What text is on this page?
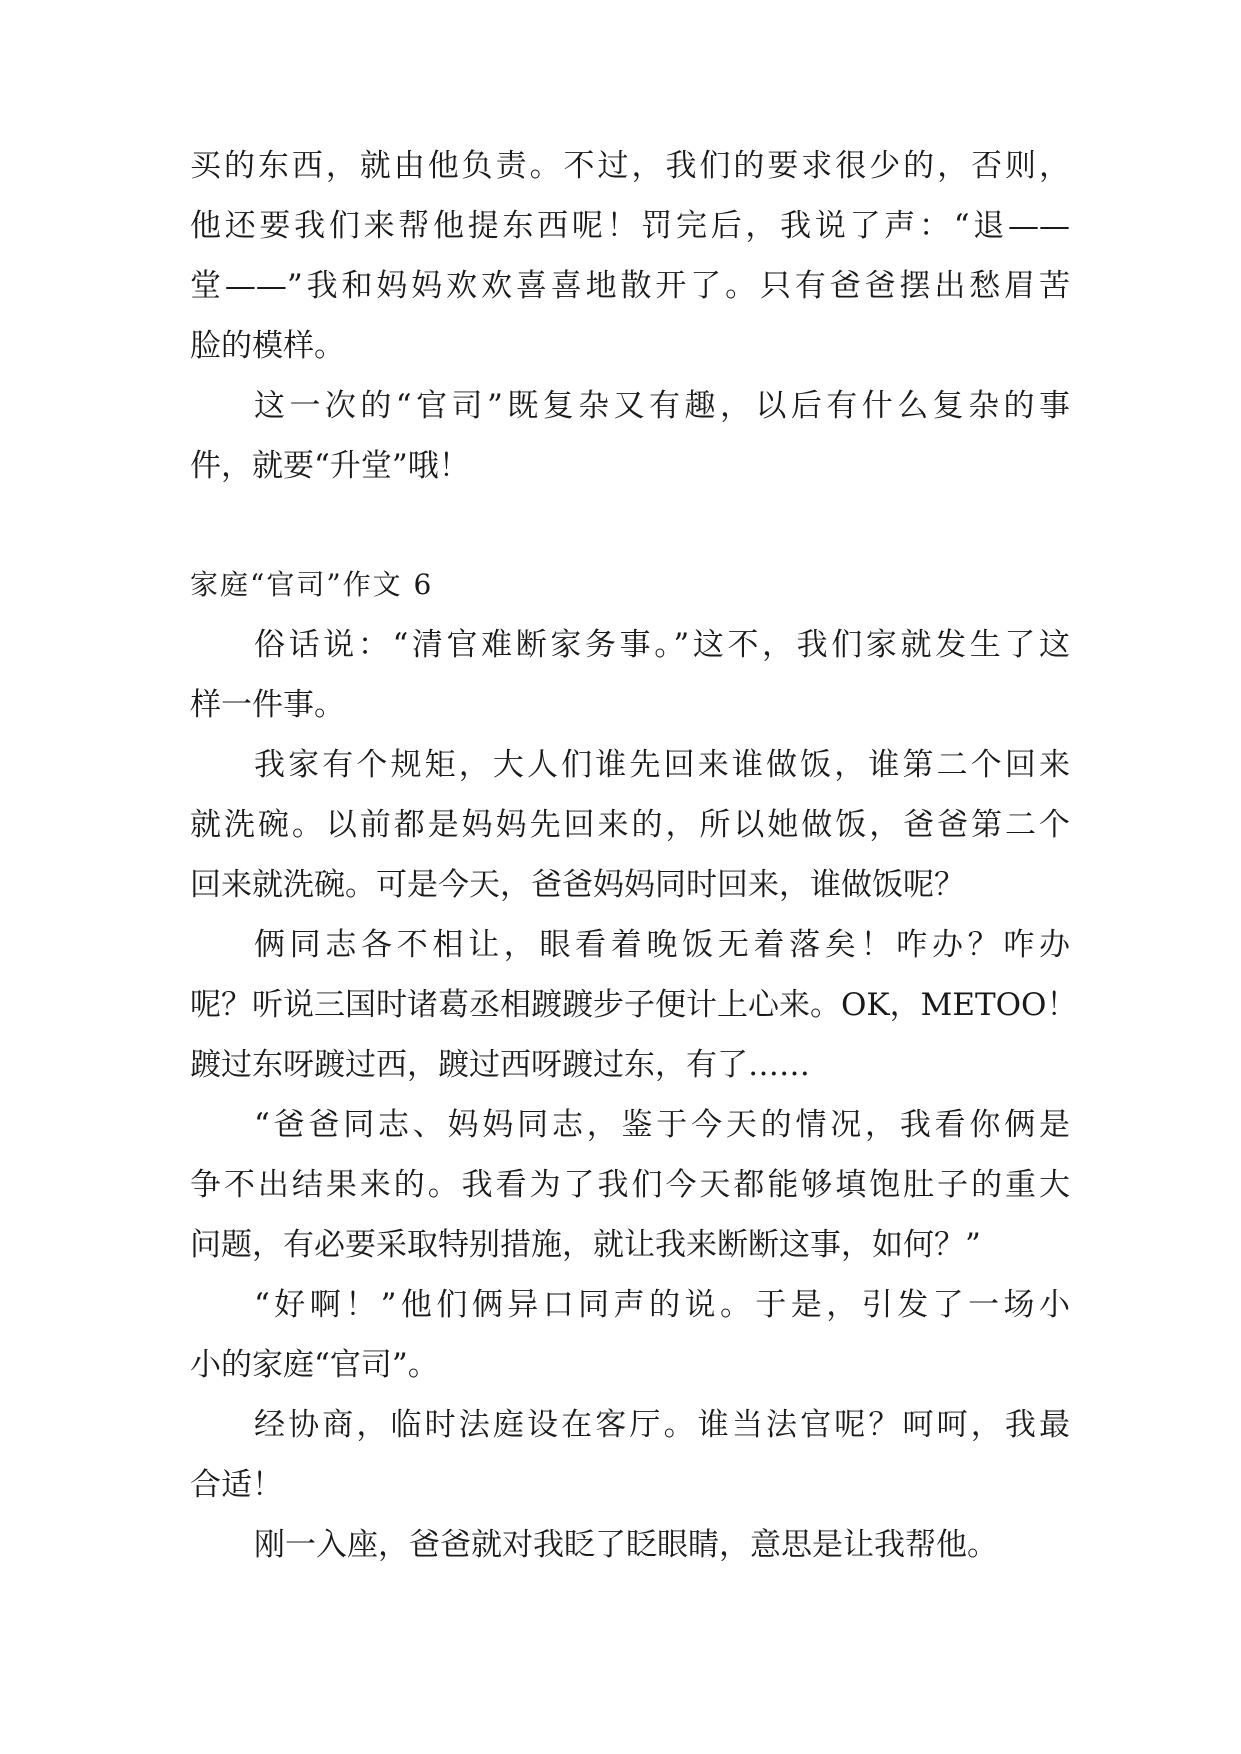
买的东西，就由他负责。不过，我们的要求很少的，否则，
他还要我们来帮他提东西呢！罚完后，我说了声：“退——
堂——”我和妈妈欢欢喜喜地散开了。只有爸爸摆出愁眉苦
脸的模样。
这一次的“官司”既复杂又有趣，以后有什么复杂的事
件，就要“升堂”哦！
家庭“官司”作文 6
俗话说：“清官难断家务事。”这不，我们家就发生了这
样一件事。
我家有个规矩，大人们谁先回来谁做饭，谁第二个回来
就洗碗。以前都是妈妈先回来的，所以她做饭，爸爸第二个
回来就洗碗。可是今天，爸爸妈妈同时回来，谁做饭呢？
俩同志各不相让，眼看着晚饭无着落矣！咋办？咋办
呢？听说三国时诸葛丞相踱踱步子便计上心来。OK，METOO！
踱过东呀踱过西，踱过西呀踱过东，有了……
“爸爸同志、妈妈同志，鉴于今天的情况，我看你俩是
争不出结果来的。我看为了我们今天都能够填饱肚子的重大
问题，有必要采取特别措施，就让我来断断这事，如何？”
“好啊！”他们俩异口同声的说。于是，引发了一场小
小的家庭“官司”。
经协商，临时法庭设在客厅。谁当法官呢？呵呵，我最
合适！
刚一入座，爸爸就对我眨了眨眼睛，意思是让我帮他。
